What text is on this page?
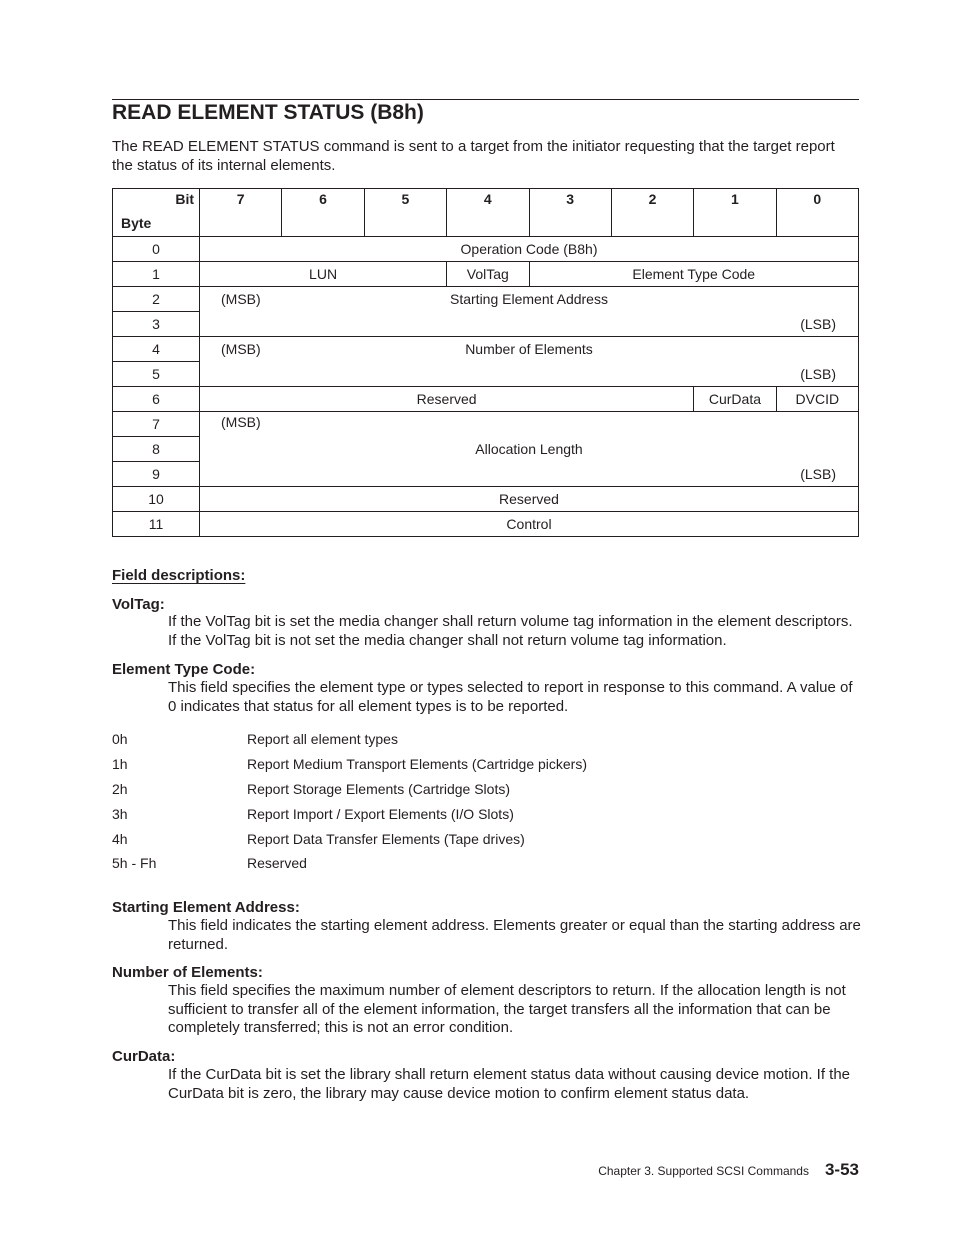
READ ELEMENT STATUS (B8h)

The READ ELEMENT STATUS command is sent to a target from the initiator requesting that the target report the status of its internal elements.

Bit
Byte	7	6	5	4	3	2	1	0
0	Operation Code (B8h)							
1	LUN			VolTag	Element Type Code			
2	(MSB) Starting Element Address							

3	(LSB)							

4	(MSB) Number of Elements							

5	(LSB)							

6	Reserved						CurData	DVCID
7	(MSB)							

8	Allocation Length							
9	(LSB)							

10	Reserved							
11	Control							
Field descriptions:
VolTag:

If the VolTag bit is set the media changer shall return volume tag information in the element descriptors. If the VolTag bit is not set the media changer shall not return volume tag information.

Element Type Code:

This field specifies the element type or types selected to report in response to this command. A value of 0 indicates that status for all element types is to be reported.

0h	Report all element types
1h	Report Medium Transport Elements (Cartridge pickers)
2h	Report Storage Elements (Cartridge Slots)
3h	Report Import / Export Elements (I/O Slots)
4h	Report Data Transfer Elements (Tape drives)
5h - Fh	Reserved
Starting Element Address:

This field indicates the starting element address. Elements greater or equal than the starting address are returned.

Number of Elements:

This field specifies the maximum number of element descriptors to return. If the allocation length is not sufficient to transfer all of the element information, the target transfers all the information that can be completely transferred; this is not an error condition.

CurData:

If the CurData bit is set the library shall return element status data without causing device motion. If the CurData bit is zero, the library may cause device motion to confirm element status data.

Chapter 3. Supported SCSI Commands 3-53
